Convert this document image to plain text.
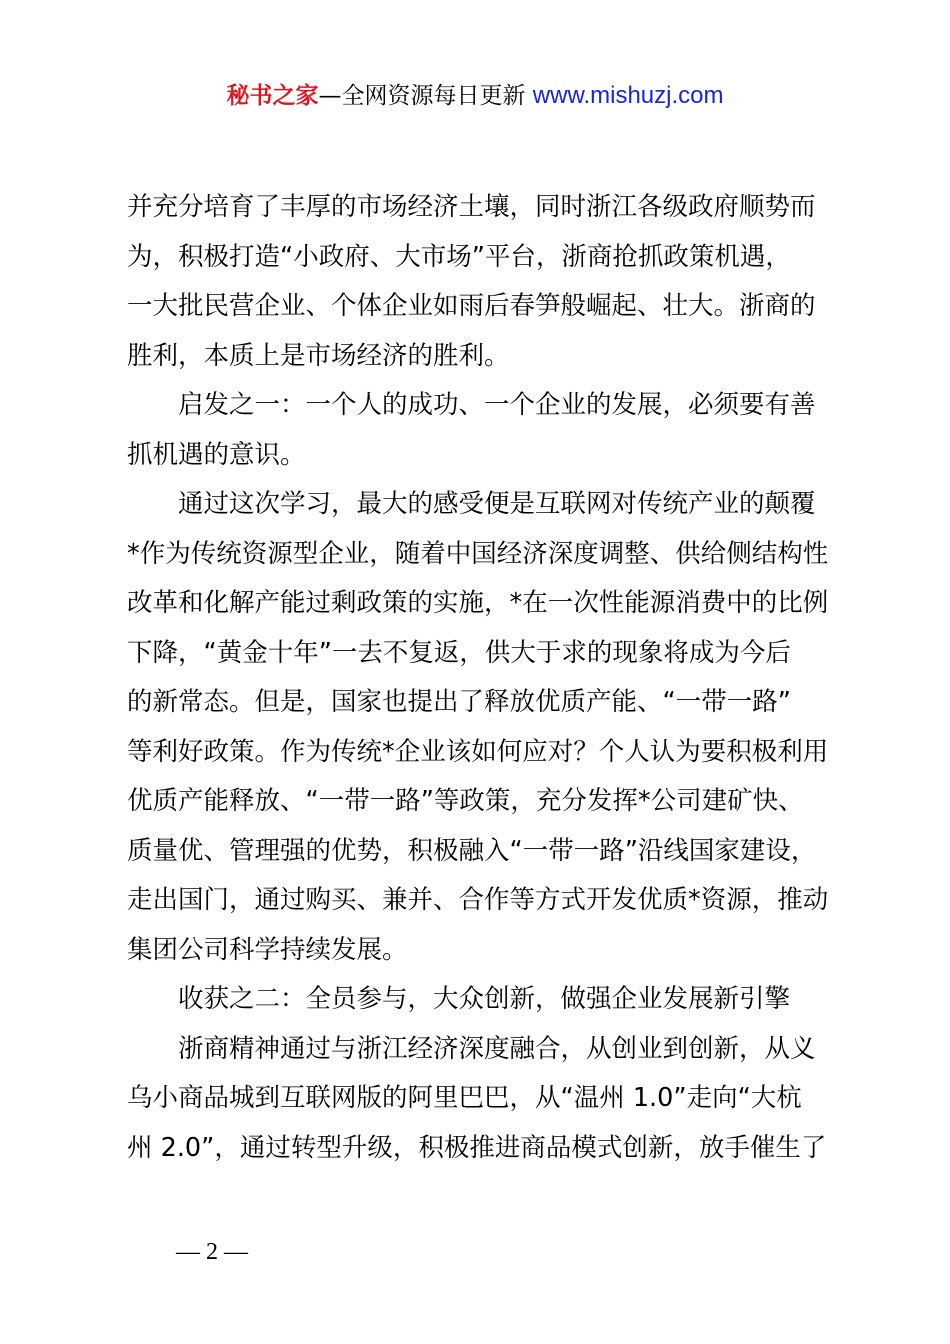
秘书之家—全网资源每日更新 www.mishuzj.com

并充分培育了丰厚的市场经济土壤，同时浙江各级政府顺势而
为，积极打造“小政府、大市场”平台，浙商抢抓政策机遇，
一大批民营企业、个体企业如雨后春笋般崛起、壮大。浙商的
胜利，本质上是市场经济的胜利。

启发之一：一个人的成功、一个企业的发展，必须要有善
抓机遇的意识。

通过这次学习，最大的感受便是互联网对传统产业的颠覆
*作为传统资源型企业，随着中国经济深度调整、供给侧结构性
改革和化解产能过剩政策的实施，*在一次性能源消费中的比例
下降，“黄金十年”一去不复返，供大于求的现象将成为今后
的新常态。但是，国家也提出了释放优质产能、“一带一路”
等利好政策。作为传统*企业该如何应对？个人认为要积极利用
优质产能释放、“一带一路”等政策，充分发挥*公司建矿快、
质量优、管理强的优势，积极融入“一带一路”沿线国家建设，
走出国门，通过购买、兼并、合作等方式开发优质*资源，推动
集团公司科学持续发展。

收获之二：全员参与，大众创新，做强企业发展新引擎

浙商精神通过与浙江经济深度融合，从创业到创新，从义
乌小商品城到互联网版的阿里巴巴，从“温州 1.0”走向“大杭
州 2.0”，通过转型升级，积极推进商品模式创新，放手催生了

— 2 —
